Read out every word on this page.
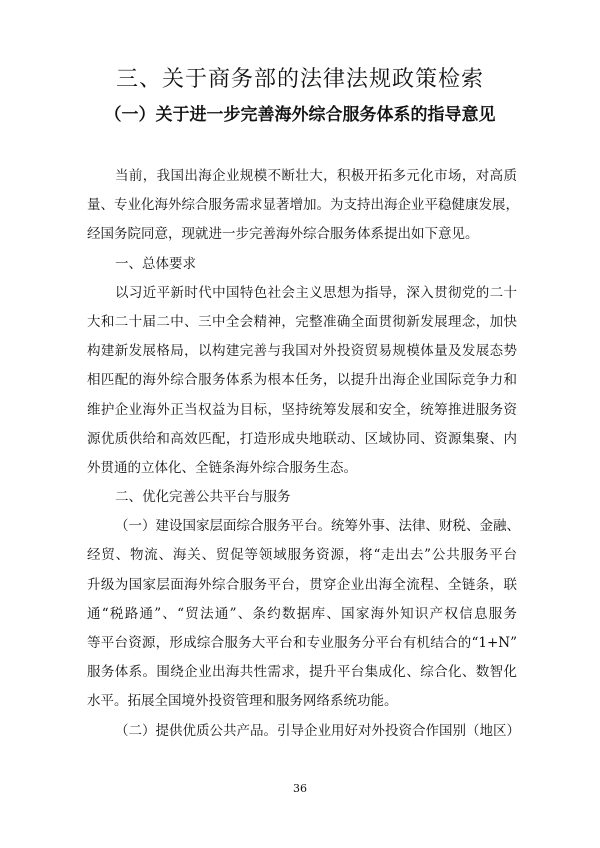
三、关于商务部的法律法规政策检索
（一）关于进一步完善海外综合服务体系的指导意见
当前，我国出海企业规模不断壮大，积极开拓多元化市场，对高质
量、专业化海外综合服务需求显著增加。为支持出海企业平稳健康发展，
经国务院同意，现就进一步完善海外综合服务体系提出如下意见。
一、总体要求
以习近平新时代中国特色社会主义思想为指导，深入贯彻党的二十
大和二十届二中、三中全会精神，完整准确全面贯彻新发展理念，加快
构建新发展格局，以构建完善与我国对外投资贸易规模体量及发展态势
相匹配的海外综合服务体系为根本任务，以提升出海企业国际竞争力和
维护企业海外正当权益为目标，坚持统筹发展和安全，统筹推进服务资
源优质供给和高效匹配，打造形成央地联动、区域协同、资源集聚、内
外贯通的立体化、全链条海外综合服务生态。
二、优化完善公共平台与服务
（一）建设国家层面综合服务平台。统筹外事、法律、财税、金融、
经贸、物流、海关、贸促等领域服务资源，将“走出去”公共服务平台
升级为国家层面海外综合服务平台，贯穿企业出海全流程、全链条，联
通“税路通”、“贸法通”、条约数据库、国家海外知识产权信息服务
等平台资源，形成综合服务大平台和专业服务分平台有机结合的“1+N”
服务体系。围绕企业出海共性需求，提升平台集成化、综合化、数智化
水平。拓展全国境外投资管理和服务网络系统功能。
（二）提供优质公共产品。引导企业用好对外投资合作国别（地区）
36
